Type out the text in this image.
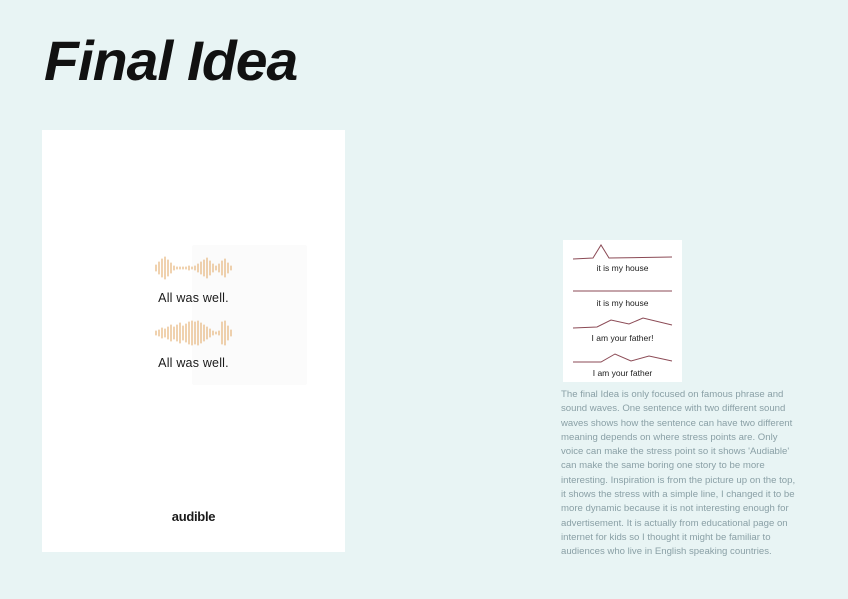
Final Idea
All was well.
All was well.
audible
it is my house
it is my house
I am your father!
I am your father
The final Idea is only focused on famous phrase and sound waves. One sentence with two different sound waves shows how the sentence can have two different meaning depends on where stress points are. Only voice can make the stress point so it shows 'Audiable' can make the same boring one story to be more interesting. Inspiration is from the picture up on the top, it shows the stress with a simple line, I changed it to be more dynamic because it is not interesting enough for advertisement. It is actually from educational page on internet for kids so I thought it might be familiar to audiences who live in English speaking countries.
